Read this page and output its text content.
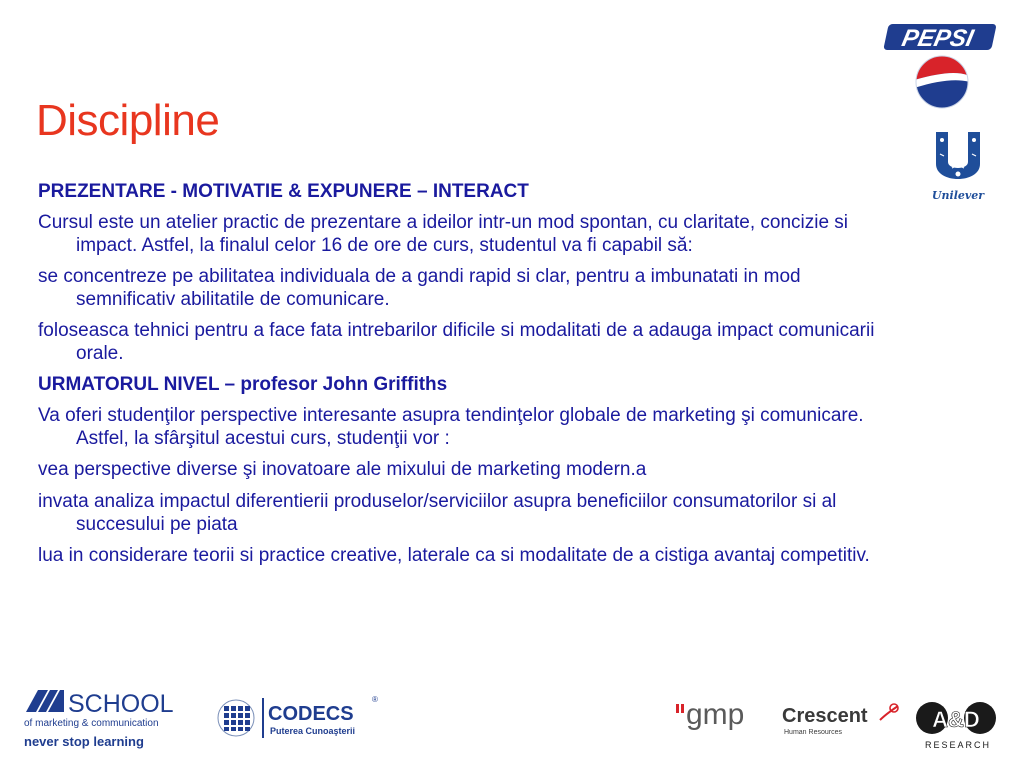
Discipline

PREZENTARE - MOTIVATIE & EXPUNERE – INTERACT

Cursul este un atelier practic de prezentare a ideilor intr-un mod spontan, cu claritate, concizie si impact. Astfel, la finalul celor 16 de ore de curs, studentul va fi capabil să:

se concentreze pe abilitatea individuala de a gandi rapid si clar, pentru a imbunatati in mod semnificativ abilitatile de comunicare.

foloseasca tehnici pentru a face fata intrebarilor dificile si modalitati de a adauga impact comunicarii orale.

URMATORUL NIVEL – profesor John Griffiths

Va oferi studenţilor perspective interesante asupra tendinţelor globale de marketing şi comunicare. Astfel, la sfârşitul acestui curs, studenţii vor :

vea perspective diverse şi inovatoare ale mixului de marketing modern.a

invata analiza impactul diferentierii produselor/serviciilor asupra beneficiilor consumatorilor si al succesului pe piata

lua in considerare teorii si practice creative, laterale ca si modalitate de a cistiga avantaj competitiv.

PEPSI
Unilever
SCHOOL
of marketing & communication
never stop learning
CODECS
®
Puterea Cunoaşterii	gmp Crescent
Human Resources
A&D
RESEARCH
